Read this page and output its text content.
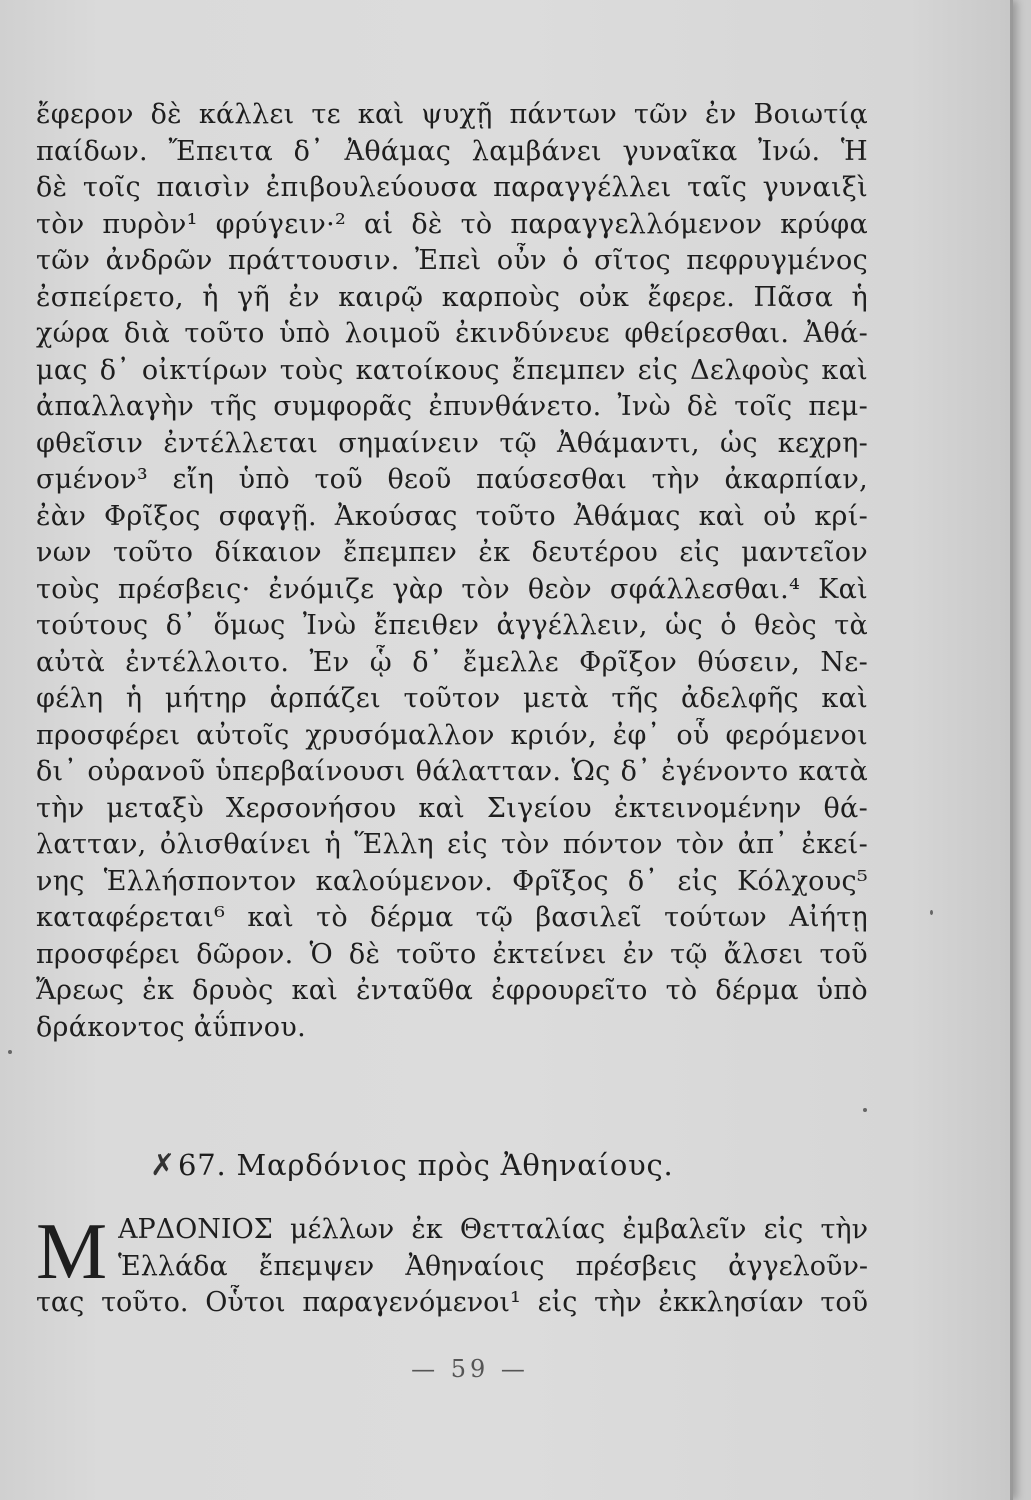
ἔφερον δὲ κάλλει τε καὶ ψυχῇ πάντων τῶν ἐν Βοιωτίᾳ
παίδων. Ἔπειτα δ᾽ Ἀθάμας λαμβάνει γυναῖκα Ἰνώ. Ἡ
δὲ τοῖς παισὶν ἐπιβουλεύουσα παραγγέλλει ταῖς γυναιξὶ
τὸν πυρὸν¹ φρύγειν·² αἱ δὲ τὸ παραγγελλόμενον κρύφα
τῶν ἀνδρῶν πράττουσιν. Ἐπεὶ οὖν ὁ σῖτος πεφρυγμένος
ἐσπείρετο, ἡ γῆ ἐν καιρῷ καρποὺς οὐκ ἔφερε. Πᾶσα ἡ
χώρα διὰ τοῦτο ὑπὸ λοιμοῦ ἐκινδύνευε φθείρεσθαι. Ἀθά-
μας δ᾽ οἰκτίρων τοὺς κατοίκους ἔπεμπεν εἰς Δελφοὺς καὶ
ἀπαλλαγὴν τῆς συμφορᾶς ἐπυνθάνετο. Ἰνὼ δὲ τοῖς πεμ-
φθεῖσιν ἐντέλλεται σημαίνειν τῷ Ἀθάμαντι, ὡς κεχρη-
σμένον³ εἴη ὑπὸ τοῦ θεοῦ παύσεσθαι τὴν ἀκαρπίαν,
ἐὰν Φρῖξος σφαγῇ. Ἀκούσας τοῦτο Ἀθάμας καὶ οὐ κρί-
νων τοῦτο δίκαιον ἔπεμπεν ἐκ δευτέρου εἰς μαντεῖον
τοὺς πρέσβεις· ἐνόμιζε γὰρ τὸν θεὸν σφάλλεσθαι.⁴ Καὶ
τούτους δ᾽ ὅμως Ἰνὼ ἔπειθεν ἀγγέλλειν, ὡς ὁ θεὸς τὰ
αὐτὰ ἐντέλλοιτο. Ἐν ᾧ δ᾽ ἔμελλε Φρῖξον θύσειν, Νε-
φέλη ἡ μήτηρ ἁρπάζει τοῦτον μετὰ τῆς ἀδελφῆς καὶ
προσφέρει αὐτοῖς χρυσόμαλλον κριόν, ἐφ᾽ οὗ φερόμενοι
δι᾽ οὐρανοῦ ὑπερβαίνουσι θάλατταν. Ὡς δ᾽ ἐγένοντο κατὰ
τὴν μεταξὺ Χερσονήσου καὶ Σιγείου ἐκτεινομένην θά-
λατταν, ὀλισθαίνει ἡ Ἕλλη εἰς τὸν πόντον τὸν ἀπ᾽ ἐκεί-
νης Ἑλλήσποντον καλούμενον. Φρῖξος δ᾽ εἰς Κόλχους⁵
καταφέρεται⁶ καὶ τὸ δέρμα τῷ βασιλεῖ τούτων Αἰήτῃ
προσφέρει δῶρον. Ὁ δὲ τοῦτο ἐκτείνει ἐν τῷ ἄλσει τοῦ
Ἄρεως ἐκ δρυὸς καὶ ἐνταῦθα ἐφρουρεῖτο τὸ δέρμα ὑπὸ
δράκοντος ἀΰπνου.
✗67. Μαρδόνιος πρὸς Ἀθηναίους.
Μ ΑΡΔΟΝΙΟΣ μέλλων ἐκ Θετταλίας ἐμβαλεῖν εἰς τὴν
Ἑλλάδα ἔπεμψεν Ἀθηναίοις πρέσβεις ἀγγελοῦν-
τας τοῦτο. Οὗτοι παραγενόμενοι¹ εἰς τὴν ἐκκλησίαν τοῦ
— 59 —
